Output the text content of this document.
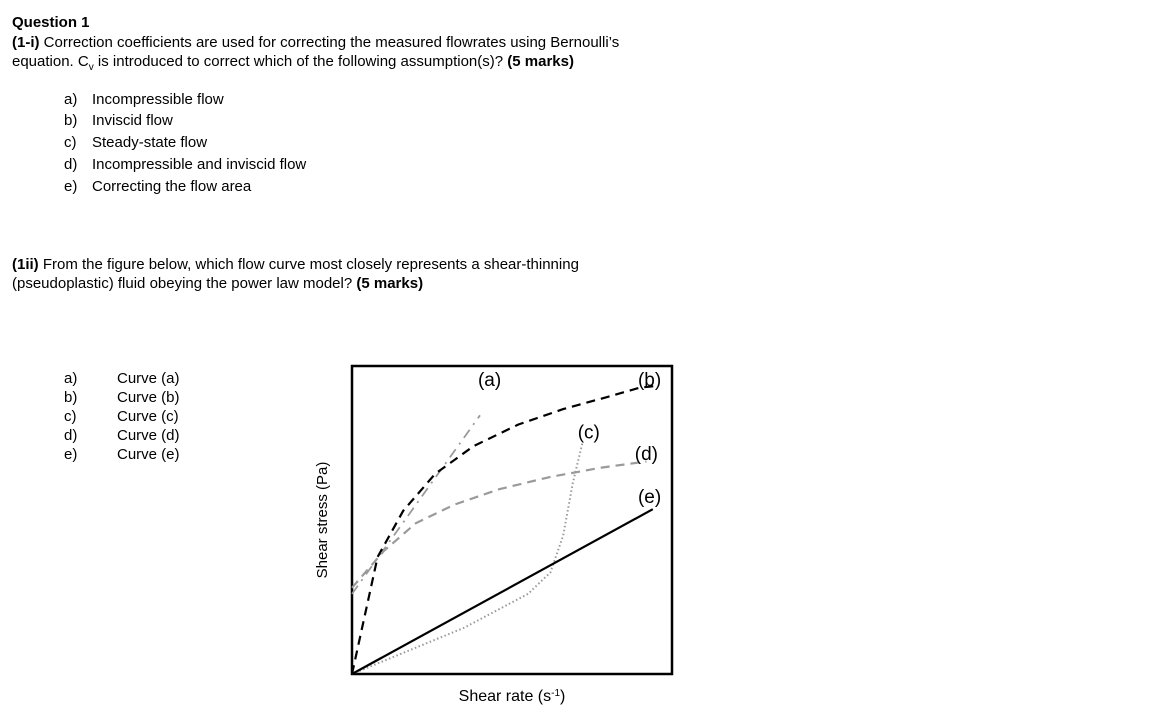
Question 1
(1-i) Correction coefficients are used for correcting the measured flowrates using Bernoulli’s
equation. $C_v$ is introduced to correct which of the following assumption(s)? (5 marks)
a) Incompressible flow
b) Inviscid flow
c) Steady-state flow
d) Incompressible and inviscid flow
e) Correcting the flow area
(1ii) From the figure below, which flow curve most closely represents a shear-thinning
(pseudoplastic) fluid obeying the power law model? (5 marks)
a)	Curve (a)
b)	Curve (b)
c)	Curve (c)
d)	Curve (d)
e)	Curve (e)
(a)	(b)
(c)
(d)
(e)
Shear stress (Pa)
Shear rate $(s^{-1})$
